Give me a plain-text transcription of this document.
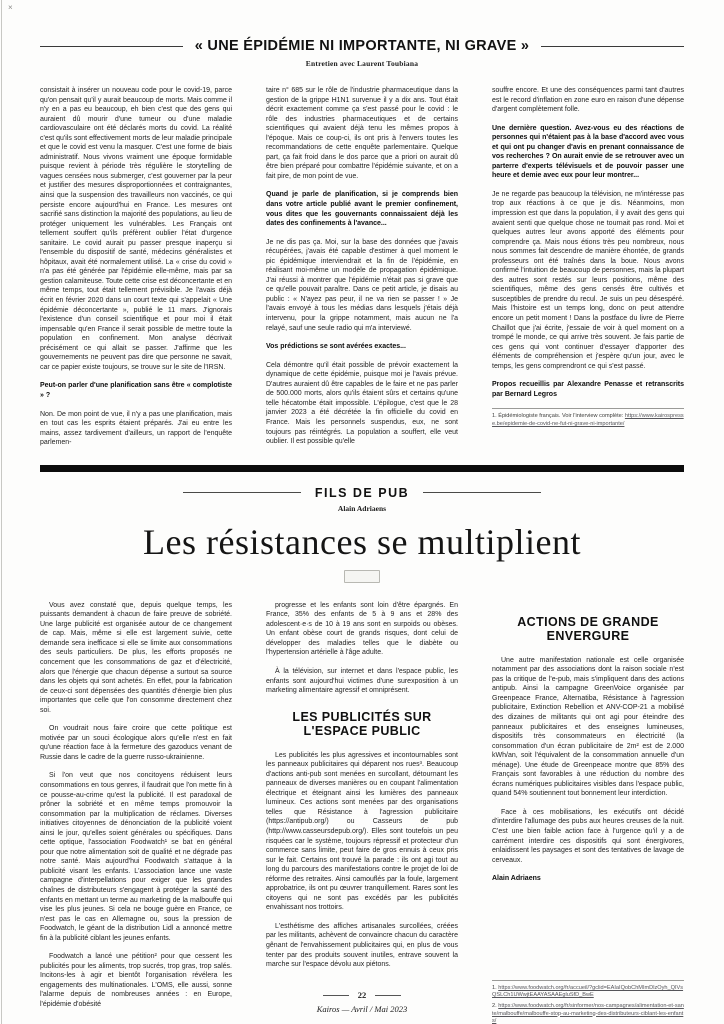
×
« UNE ÉPIDÉMIE NI IMPORTANTE, NI GRAVE »
Entretien avec Laurent Toubiana

consistait à insérer un nouveau code pour le covid-19, parce qu'on pensait qu'il y aurait beaucoup de morts. Mais comme il n'y en a pas eu beaucoup, eh bien c'est que des gens qui auraient dû mourir d'une tumeur ou d'une maladie cardiovasculaire ont été déclarés morts du covid. La réalité c'est qu'ils sont effectivement morts de leur maladie principale et que le covid est venu la masquer. C'est une forme de biais administratif. Nous vivons vraiment une époque formidable puisque revient à période très régulière le storytelling de vagues censées nous submerger, c'est gouverner par la peur et justifier des mesures disproportionnées et contraignantes, ainsi que la suspension des travailleurs non vaccinés, ce qui persiste encore aujourd'hui en France. Les mesures ont sacrifié sans distinction la majorité des populations, au lieu de protéger uniquement les vulnérables. Les Français ont tellement souffert qu'ils préfèrent oublier l'état d'urgence sanitaire. Le covid aurait pu passer presque inaperçu si l'ensemble du dispositif de santé, médecins généralistes et hôpitaux, avait été normalement utilisé. La « crise du covid » n'a pas été générée par l'épidémie elle-même, mais par sa gestion calamiteuse. Toute cette crise est déconcertante et en même temps, tout était tellement prévisible. Je l'avais déjà écrit en février 2020 dans un court texte qui s'appelait « Une épidémie déconcertante », publié le 11 mars. J'ignorais l'existence d'un conseil scientifique et pour moi il était impensable qu'en France il serait possible de mettre toute la population en confinement. Mon analyse décrivait précisément ce qui allait se passer. J'affirme que les gouvernements ne peuvent pas dire que personne ne savait, car ce papier existe toujours, se trouve sur le site de l'IRSN.

Peut-on parler d'une planification sans être « complotiste » ?

Non. De mon point de vue, il n'y a pas une planification, mais en tout cas les esprits étaient préparés. J'ai eu entre les mains, assez tardivement d'ailleurs, un rapport de l'enquête parlemen-

taire n° 685 sur le rôle de l'industrie pharmaceutique dans la gestion de la grippe H1N1 survenue il y a dix ans. Tout était décrit exactement comme ça s'est passé pour le covid : le rôle des industries pharmaceutiques et de certains scientifiques qui avaient déjà tenu les mêmes propos à l'époque. Mais ce coup-ci, ils ont pris à l'envers toutes les recommandations de cette enquête parlementaire. Quelque part, ça fait froid dans le dos parce que a priori on aurait dû être bien préparé pour combattre l'épidémie suivante, et on a fait pire, de mon point de vue.

Quand je parle de planification, si je comprends bien dans votre article publié avant le premier confinement, vous dites que les gouvernants connaissaient déjà les dates des confinements à l'avance...

Je ne dis pas ça. Moi, sur la base des données que j'avais récupérées, j'avais été capable d'estimer à quel moment le pic épidémique interviendrait et la fin de l'épidémie, en réalisant moi-même un modèle de propagation épidémique. J'ai réussi à montrer que l'épidémie n'était pas si grave que ce qu'elle pouvait paraître. Dans ce petit article, je disais au public : « N'ayez pas peur, il ne va rien se passer ! » Je l'avais envoyé à tous les médias dans lesquels j'étais déjà intervenu, pour la grippe notamment, mais aucun ne l'a relayé, sauf une seule radio qui m'a interviewé.

Vos prédictions se sont avérées exactes...

Cela démontre qu'il était possible de prévoir exactement la dynamique de cette épidémie, puisque moi je l'avais prévue. D'autres auraient dû être capables de le faire et ne pas parler de 500.000 morts, alors qu'ils étaient sûrs et certains qu'une telle hécatombe était impossible. L'épilogue, c'est que le 28 janvier 2023 a été décrétée la fin officielle du covid en France. Mais les personnels suspendus, eux, ne sont toujours pas réintégrés. La population a souffert, elle veut oublier. Il est possible qu'elle

souffre encore. Et une des conséquences parmi tant d'autres est le record d'inflation en zone euro en raison d'une dépense d'argent complètement folle.

Une dernière question. Avez-vous eu des réactions de personnes qui n'étaient pas à la base d'accord avec vous et qui ont pu changer d'avis en prenant connaissance de vos recherches ? On aurait envie de se retrouver avec un parterre d'experts télévisuels et de pouvoir passer une heure et demie avec eux pour leur montrer...

Je ne regarde pas beaucoup la télévision, ne m'intéresse pas trop aux réactions à ce que je dis. Néanmoins, mon impression est que dans la population, il y avait des gens qui avaient senti que quelque chose ne tournait pas rond. Moi et quelques autres leur avons apporté des éléments pour comprendre ça. Mais nous étions très peu nombreux, nous nous sommes fait descendre de manière éhontée, de grands professeurs ont été traînés dans la boue. Nous avons confirmé l'intuition de beaucoup de personnes, mais la plupart des autres sont restés sur leurs positions, même des scientifiques, même des gens censés être cultivés et susceptibles de prendre du recul. Je suis un peu désespéré. Mais l'histoire est un temps long, donc on peut attendre encore un petit moment ! Dans la postface du livre de Pierre Chaillot que j'ai écrite, j'essaie de voir à quel moment on a trompé le monde, ce qui arrive très souvent. Je fais partie de ces gens qui vont continuer d'essayer d'apporter des éléments de compréhension et j'espère qu'un jour, avec le temps, les gens comprendront ce qui s'est passé.

Propos recueillis par Alexandre Penasse et retranscrits par Bernard Legros

1. Épidémiologiste français. Voir l'interview complète: https://www.kairospresse.be/epidemie-de-covid-ne-fut-ni-grave-ni-importante/

FILS DE PUB
Alain Adriaens
Les résistances se multiplient

Vous avez constaté que, depuis quelque temps, les puissants demandent à chacun de faire preuve de sobriété. Une large publicité est organisée autour de ce changement de cap. Mais, même si elle est largement suivie, cette demande sera inefficace si elle se limite aux consommations des seuls particuliers. De plus, les efforts proposés ne concernent que les consommations de gaz et d'électricité, alors que l'énergie que chacun dépense a surtout sa source dans les objets qui sont achetés. En effet, pour la fabrication de ceux-ci sont dépensées des quantités d'énergie bien plus importantes que celle que l'on consomme directement chez soi.

On voudrait nous faire croire que cette politique est motivée par un souci écologique alors qu'elle n'est en fait qu'une réaction face à la fermeture des gazoducs venant de Russie dans le cadre de la guerre russo-ukrainienne.

Si l'on veut que nos concitoyens réduisent leurs consommations en tous genres, il faudrait que l'on mette fin à ce pousse-au-crime qu'est la publicité. Il est paradoxal de prôner la sobriété et en même temps promouvoir la consommation par la multiplication de réclames. Diverses initiatives citoyennes de dénonciation de la publicité voient ainsi le jour, qu'elles soient générales ou spécifiques. Dans cette optique, l'association Foodwatch¹ se bat en général pour que notre alimentation soit de qualité et ne dégrade pas notre santé. Mais aujourd'hui Foodwatch s'attaque à la publicité visant les enfants. L'association lance une vaste campagne d'interpellations pour exiger que les grandes chaînes de distributeurs s'engagent à protéger la santé des enfants en mettant un terme au marketing de la malbouffe qui vise les plus jeunes. Si cela ne bouge guère en France, ce n'est pas le cas en Allemagne ou, sous la pression de Foodwatch, le géant de la distribution Lidl a annoncé mettre fin à la publicité ciblant les jeunes enfants.

Foodwatch a lancé une pétition² pour que cessent les publicités pour les aliments, trop sucrés, trop gras, trop salés. Incitons-les à agir et bientôt l'organisation révélera les engagements des multinationales. L'OMS, elle aussi, sonne l'alarme depuis de nombreuses années : en Europe, l'épidémie d'obésité

progresse et les enfants sont loin d'être épargnés. En France, 35% des enfants de 5 à 9 ans et 28% des adolescent·e·s de 10 à 19 ans sont en surpoids ou obèses. Un enfant obèse court de grands risques, dont celui de développer des maladies telles que le diabète ou l'hypertension artérielle à l'âge adulte.

À la télévision, sur internet et dans l'espace public, les enfants sont aujourd'hui victimes d'une surexposition à un marketing alimentaire agressif et omniprésent.

LES PUBLICITÉS SUR L'ESPACE PUBLIC

Les publicités les plus agressives et incontournables sont les panneaux publicitaires qui déparent nos rues³. Beaucoup d'actions anti-pub sont menées en surcollant, détournant les panneaux de diverses manières ou en coupant l'alimentation électrique et éteignant ainsi les lumières des panneaux lumineux. Ces actions sont menées par des organisations telles que Résistance à l'agression publicitaire (https://antipub.org/) ou Casseurs de pub (http://www.casseursdepub.org/). Elles sont toutefois un peu risquées car le système, toujours répressif et protecteur d'un commerce sans limite, peut faire de gros ennuis à ceux pris sur le fait. Certains ont trouvé la parade : ils ont agi tout au long du parcours des manifestations contre le projet de loi de réforme des retraites. Ainsi camouflés par la foule, largement approbatrice, ils ont pu œuvrer tranquillement. Rares sont les citoyens qui ne sont pas excédés par les publicités envahissant nos trottoirs.

L'esthétisme des affiches artisanales surcollées, créées par les militants, achèvent de convaincre chacun du caractère gênant de l'envahissement publicitaires qui, en plus de vous tenter par des produits souvent inutiles, entrave souvent la marche sur l'espace dévolu aux piétons.

ACTIONS DE GRANDE ENVERGURE

Une autre manifestation nationale est celle organisée notamment par des associations dont la raison sociale n'est pas la critique de l'e-pub, mais s'impliquent dans des actions antipub. Ainsi la campagne GreenVoice organisée par Greenpeace France, Alternatiba, Résistance à l'agression publicitaire, Extinction Rebellion et ANV-COP-21 a mobilisé des dizaines de militants qui ont agi pour éteindre des panneaux publicitaires et des enseignes lumineuses, dispositifs très consommateurs en électricité (la consommation d'un écran publicitaire de 2m² est de 2.000 kWh/an, soit l'équivalent de la consommation annuelle d'un ménage). Une étude de Greenpeace montre que 85% des Français sont favorables à une réduction du nombre des écrans numériques publicitaires visibles dans l'espace public, quand 54% soutiennent tout bonnement leur interdiction.

Face à ces mobilisations, les exécutifs ont décidé d'interdire l'allumage des pubs aux heures creuses de la nuit. C'est une bien faible action face à l'urgence qu'il y a de carrément interdire ces dispositifs qui sont énergivores, enlaidissent les paysages et sont des tentatives de lavage de cerveaux.

Alain Adriaens

1. https://www.foodwatch.org/fr/accueil/?gclid=EAIaIQobChMImDlzOyh_QIVsQSLCh1UWwjtEAAYASAAEgluSfD_BwE

2. https://www.foodwatch.org/fr/sinformer/nos-campagnes/alimentation-et-sante/malbouffe/malbouffe-stop-au-marketing-des-distributeurs-ciblant-les-enfants/

22
Kairos — Avril / Mai 2023
